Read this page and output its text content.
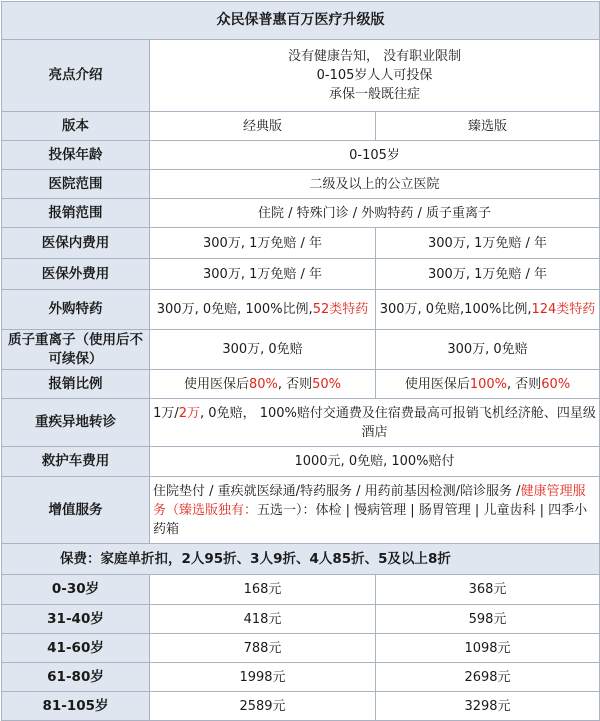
众民保普惠百万医疗升级版		
亮点介绍	没有健康告知， 没有职业限制
0-105岁人人可投保
承保一般既往症	

版本	经典版	臻选版
投保年龄	0-105岁	
医院范围	二级及以上的公立医院	
报销范围	住院 / 特殊门诊 / 外购特药 / 质子重离子	
医保内费用	300万, 1万免赔 / 年	300万, 1万免赔 / 年
医保外费用	300万, 1万免赔 / 年	300万, 1万免赔 / 年
外购特药	300万, 0免赔, 100%比例,52类特药	300万, 0免赔,100%比例,124类特药
质子重离子（使用后不可续保）	300万, 0免赔	300万, 0免赔
报销比例	使用医保后80%, 否则50%	使用医保后100%, 否则60%
重疾异地转诊	1万/2万, 0免赔， 100%赔付交通费及住宿费最高可报销飞机经济舱、四星级酒店	
救护车费用	1000元, 0免赔, 100%赔付	
增值服务	住院垫付 / 重疾就医绿通/特药服务 / 用药前基因检测/陪诊服务 /健康管理服务（臻选版独有：五选一）：体检 | 慢病管理 | 肠胃管理 | 儿童齿科 | 四季小药箱	
保费：家庭单折扣，2人95折、3人9折、4人85折、5及以上8折		
0-30岁	168元	368元
31-40岁	418元	598元
41-60岁	788元	1098元
61-80岁	1998元	2698元
81-105岁	2589元	3298元
